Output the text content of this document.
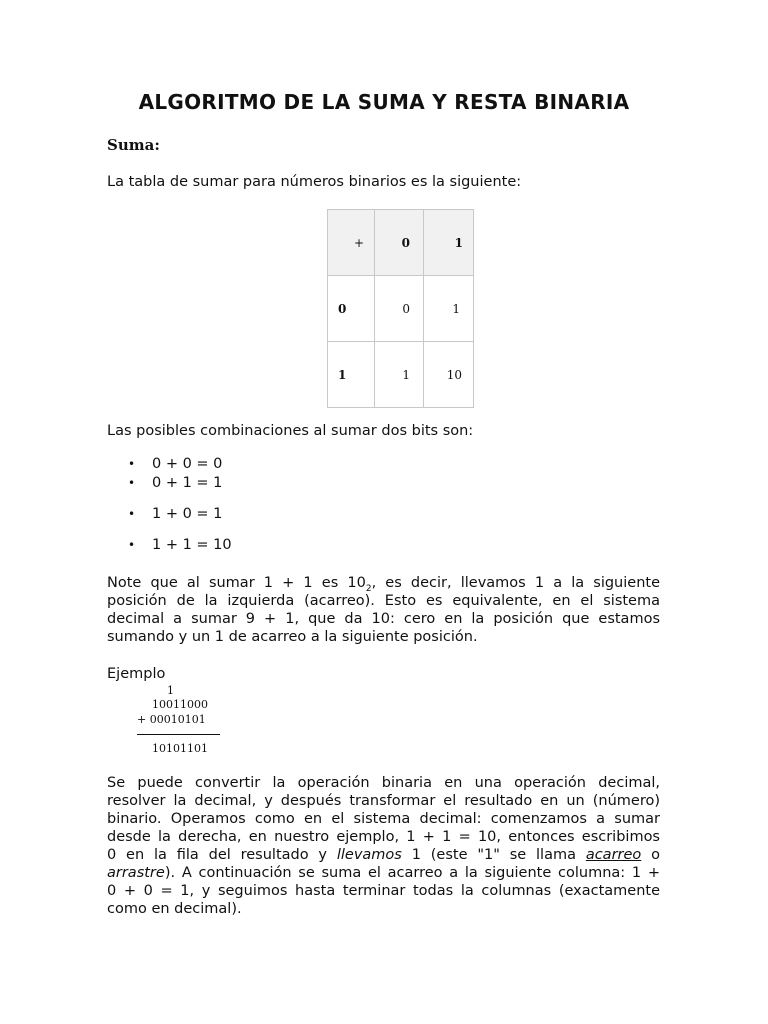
ALGORITMO DE LA SUMA Y RESTA BINARIA
Suma:
La tabla de sumar para números binarios es la siguiente:
+	0	1
0	0	1
1	1	10
Las posibles combinaciones al sumar dos bits son:
0 + 0 = 0
0 + 1 = 1
1 + 0 = 1
1 + 1 = 10
Note que al sumar 1 + 1 es $10_2$, es decir, llevamos 1 a la siguiente
posición de la izquierda (acarreo). Esto es equivalente, en el sistema
decimal a sumar 9 + 1, que da 10: cero en la posición que estamos
sumando y un 1 de acarreo a la siguiente posición.
Ejemplo
1
10011000
+ 00010101
10101101
Se puede convertir la operación binaria en una operación decimal,
resolver la decimal, y después transformar el resultado en un (número)
binario. Operamos como en el sistema decimal: comenzamos a sumar
desde la derecha, en nuestro ejemplo, 1 + 1 = 10, entonces escribimos
0 en la fila del resultado y llevamos 1 (este "1" se llama acarreo o
arrastre). A continuación se suma el acarreo a la siguiente columna: 1 +
0 + 0 = 1, y seguimos hasta terminar todas la columnas (exactamente
como en decimal).
